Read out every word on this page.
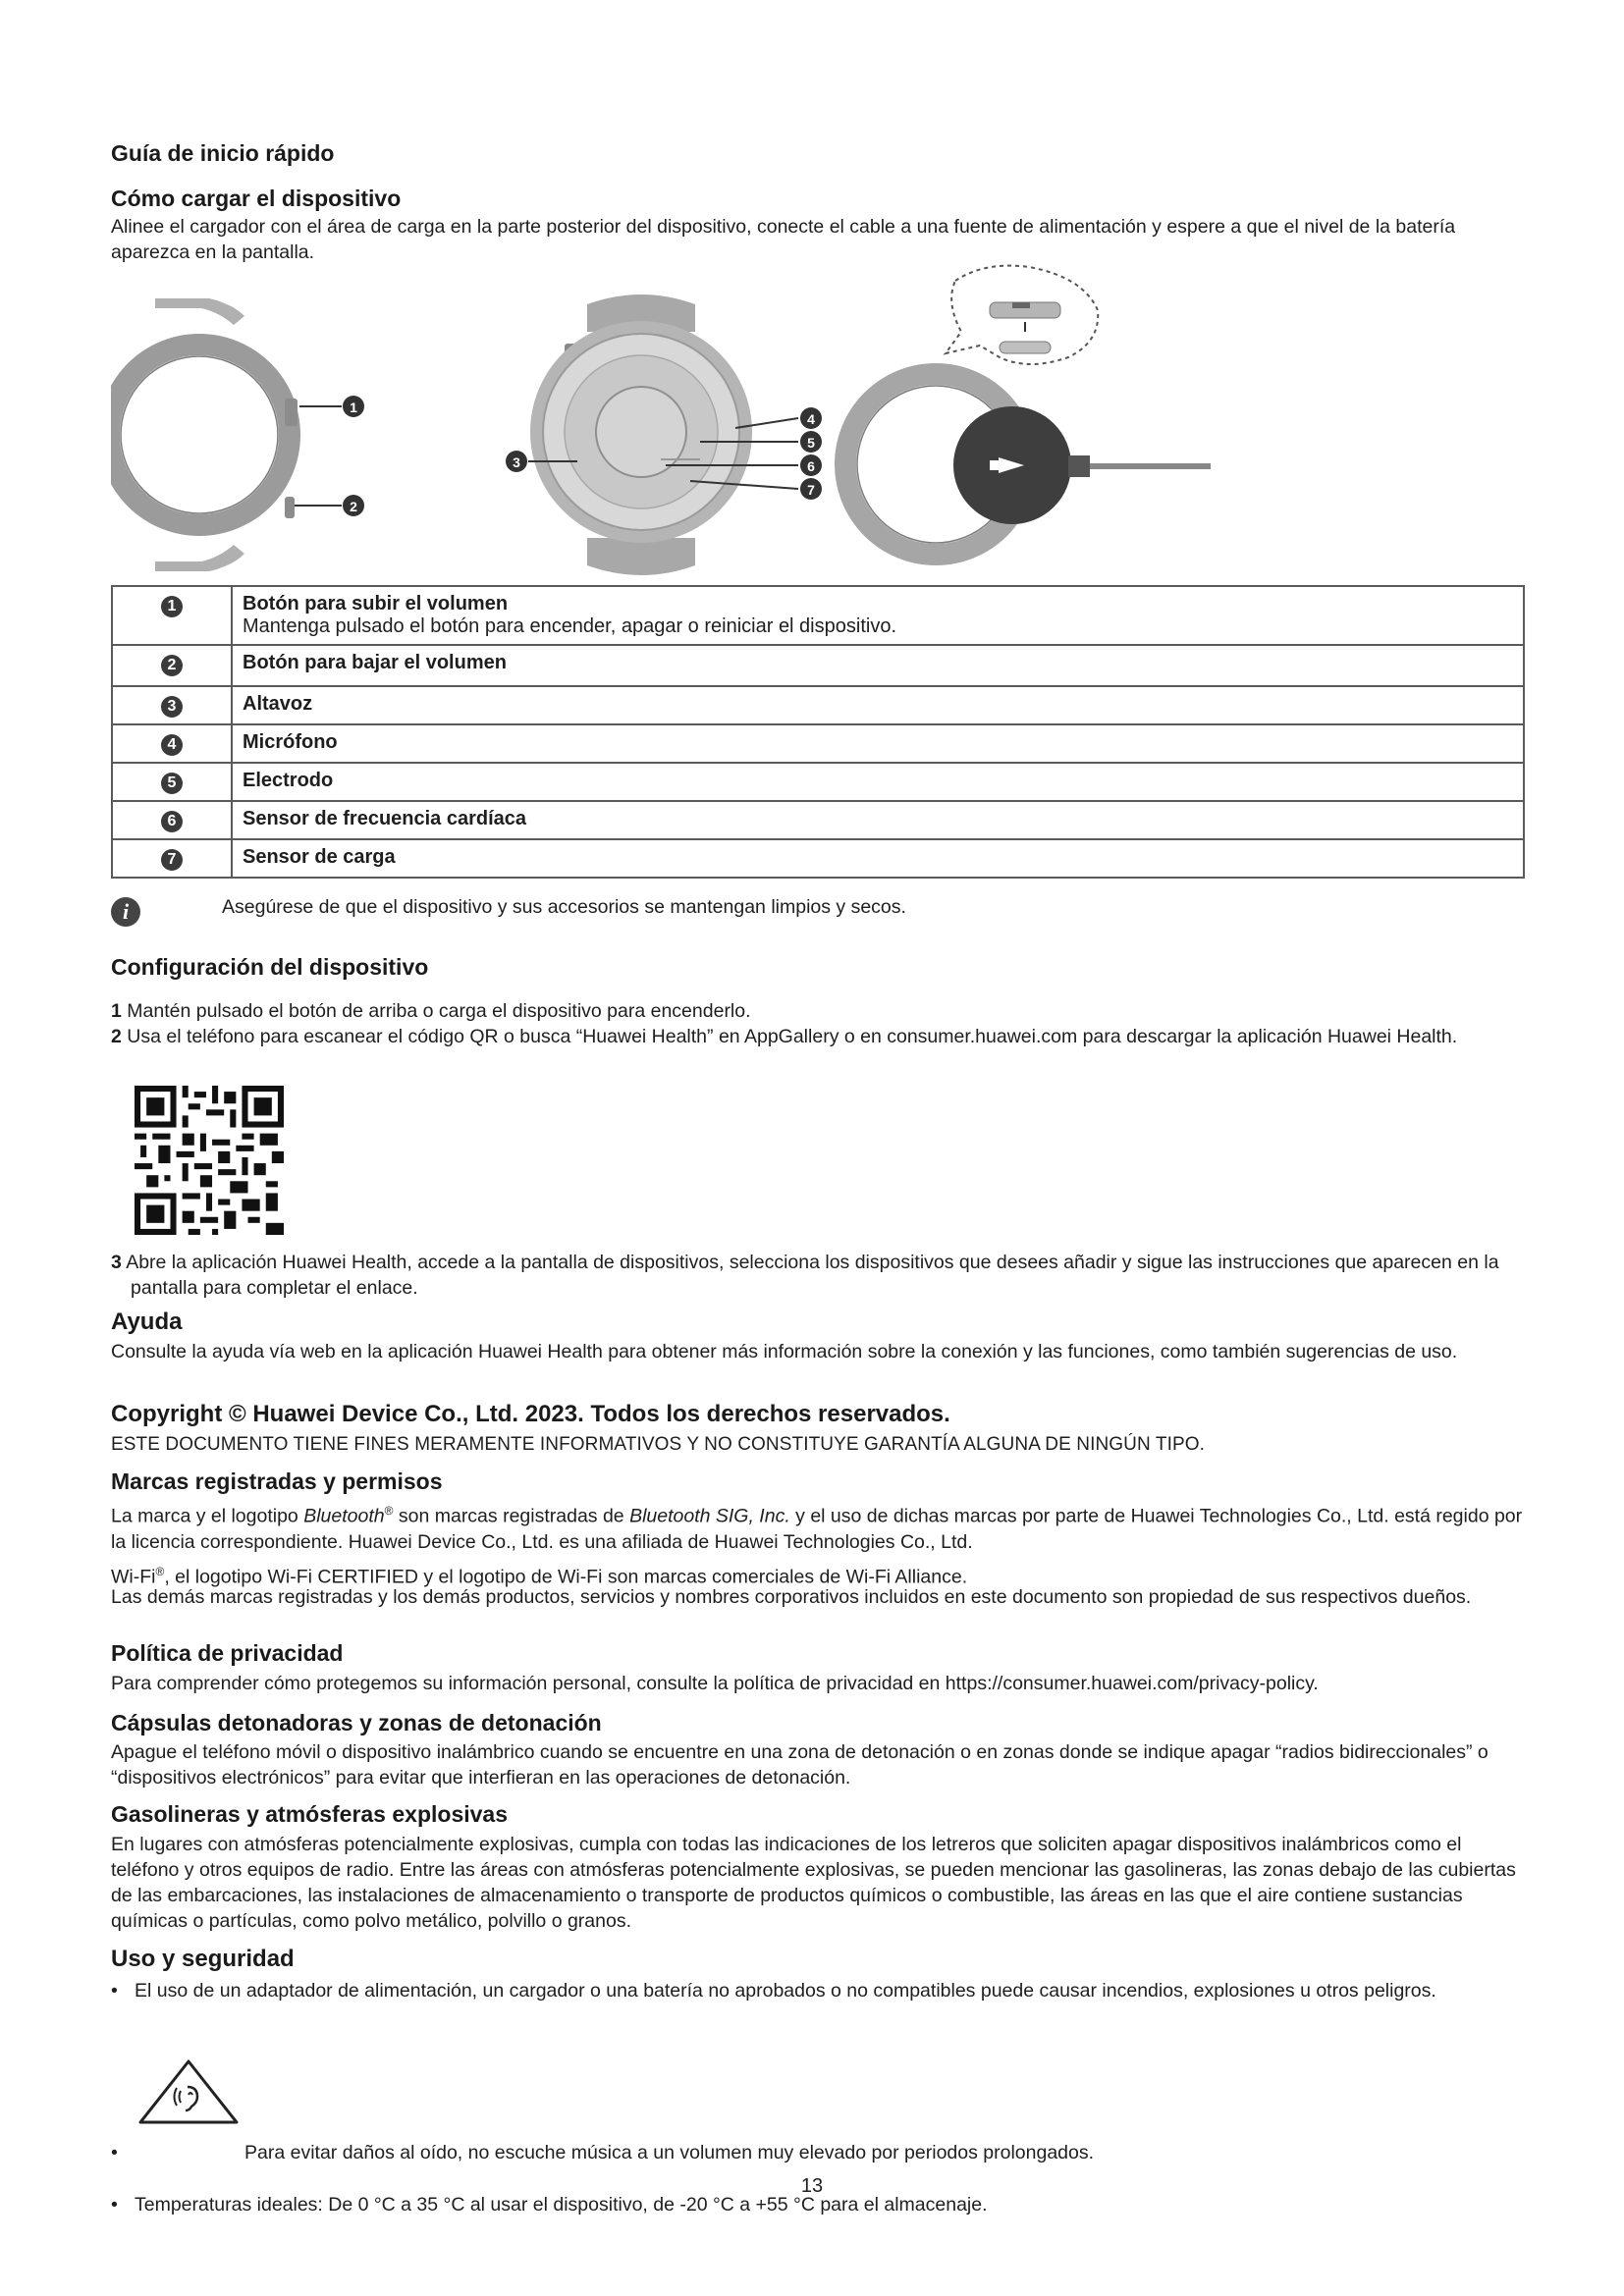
Guía de inicio rápido
Cómo cargar el dispositivo

Alinee el cargador con el área de carga en la parte posterior del dispositivo, conecte el cable a una fuente de alimentación y espere a que el nivel de la batería aparezca en la pantalla.

1
2
3
4
5
6
7
1	Botón para subir el volumen
Mantenga pulsado el botón para encender, apagar o reiniciar el dispositivo.

2	Botón para bajar el volumen

3	Altavoz

4	Micrófono

5	Electrodo

6	Sensor de frecuencia cardíaca

7	Sensor de carga
i	Asegúrese de que el dispositivo y sus accesorios se mantengan limpios y secos.

Configuración del dispositivo

1 Mantén pulsado el botón de arriba o carga el dispositivo para encenderlo.

2 Usa el teléfono para escanear el código QR o busca “Huawei Health” en AppGallery o en consumer.huawei.com para descargar la aplicación Huawei Health.

3 Abre la aplicación Huawei Health, accede a la pantalla de dispositivos, selecciona los dispositivos que desees añadir y sigue las instrucciones que aparecen en la pantalla para completar el enlace.

Ayuda

Consulte la ayuda vía web en la aplicación Huawei Health para obtener más información sobre la conexión y las funciones, como también sugerencias de uso.

Copyright © Huawei Device Co., Ltd. 2023. Todos los derechos reservados.

ESTE DOCUMENTO TIENE FINES MERAMENTE INFORMATIVOS Y NO CONSTITUYE GARANTÍA ALGUNA DE NINGÚN TIPO.

Marcas registradas y permisos

La marca y el logotipo Bluetooth® son marcas registradas de Bluetooth SIG, Inc. y el uso de dichas marcas por parte de Huawei Technologies Co., Ltd. está regido por la licencia correspondiente. Huawei Device Co., Ltd. es una afiliada de Huawei Technologies Co., Ltd.

Wi-Fi®, el logotipo Wi-Fi CERTIFIED y el logotipo de Wi-Fi son marcas comerciales de Wi-Fi Alliance.

Las demás marcas registradas y los demás productos, servicios y nombres corporativos incluidos en este documento son propiedad de sus respectivos dueños.

Política de privacidad

Para comprender cómo protegemos su información personal, consulte la política de privacidad en https://consumer.huawei.com/privacy-policy.

Cápsulas detonadoras y zonas de detonación

Apague el teléfono móvil o dispositivo inalámbrico cuando se encuentre en una zona de detonación o en zonas donde se indique apagar “radios bidireccionales” o “dispositivos electrónicos” para evitar que interfieran en las operaciones de detonación.

Gasolineras y atmósferas explosivas

En lugares con atmósferas potencialmente explosivas, cumpla con todas las indicaciones de los letreros que soliciten apagar dispositivos inalámbricos como el teléfono y otros equipos de radio. Entre las áreas con atmósferas potencialmente explosivas, se pueden mencionar las gasolineras, las zonas debajo de las cubiertas de las embarcaciones, las instalaciones de almacenamiento o transporte de productos químicos o combustible, las áreas en las que el aire contiene sustancias químicas o partículas, como polvo metálico, polvillo o granos.

Uso y seguridad

• El uso de un adaptador de alimentación, un cargador o una batería no aprobados o no compatibles puede causar incendios, explosiones u otros peligros.

• Para evitar daños al oído, no escuche música a un volumen muy elevado por periodos prolongados.

• Temperaturas ideales: De 0 °C a 35 °C al usar el dispositivo, de -20 °C a +55 °C para el almacenaje.

13
